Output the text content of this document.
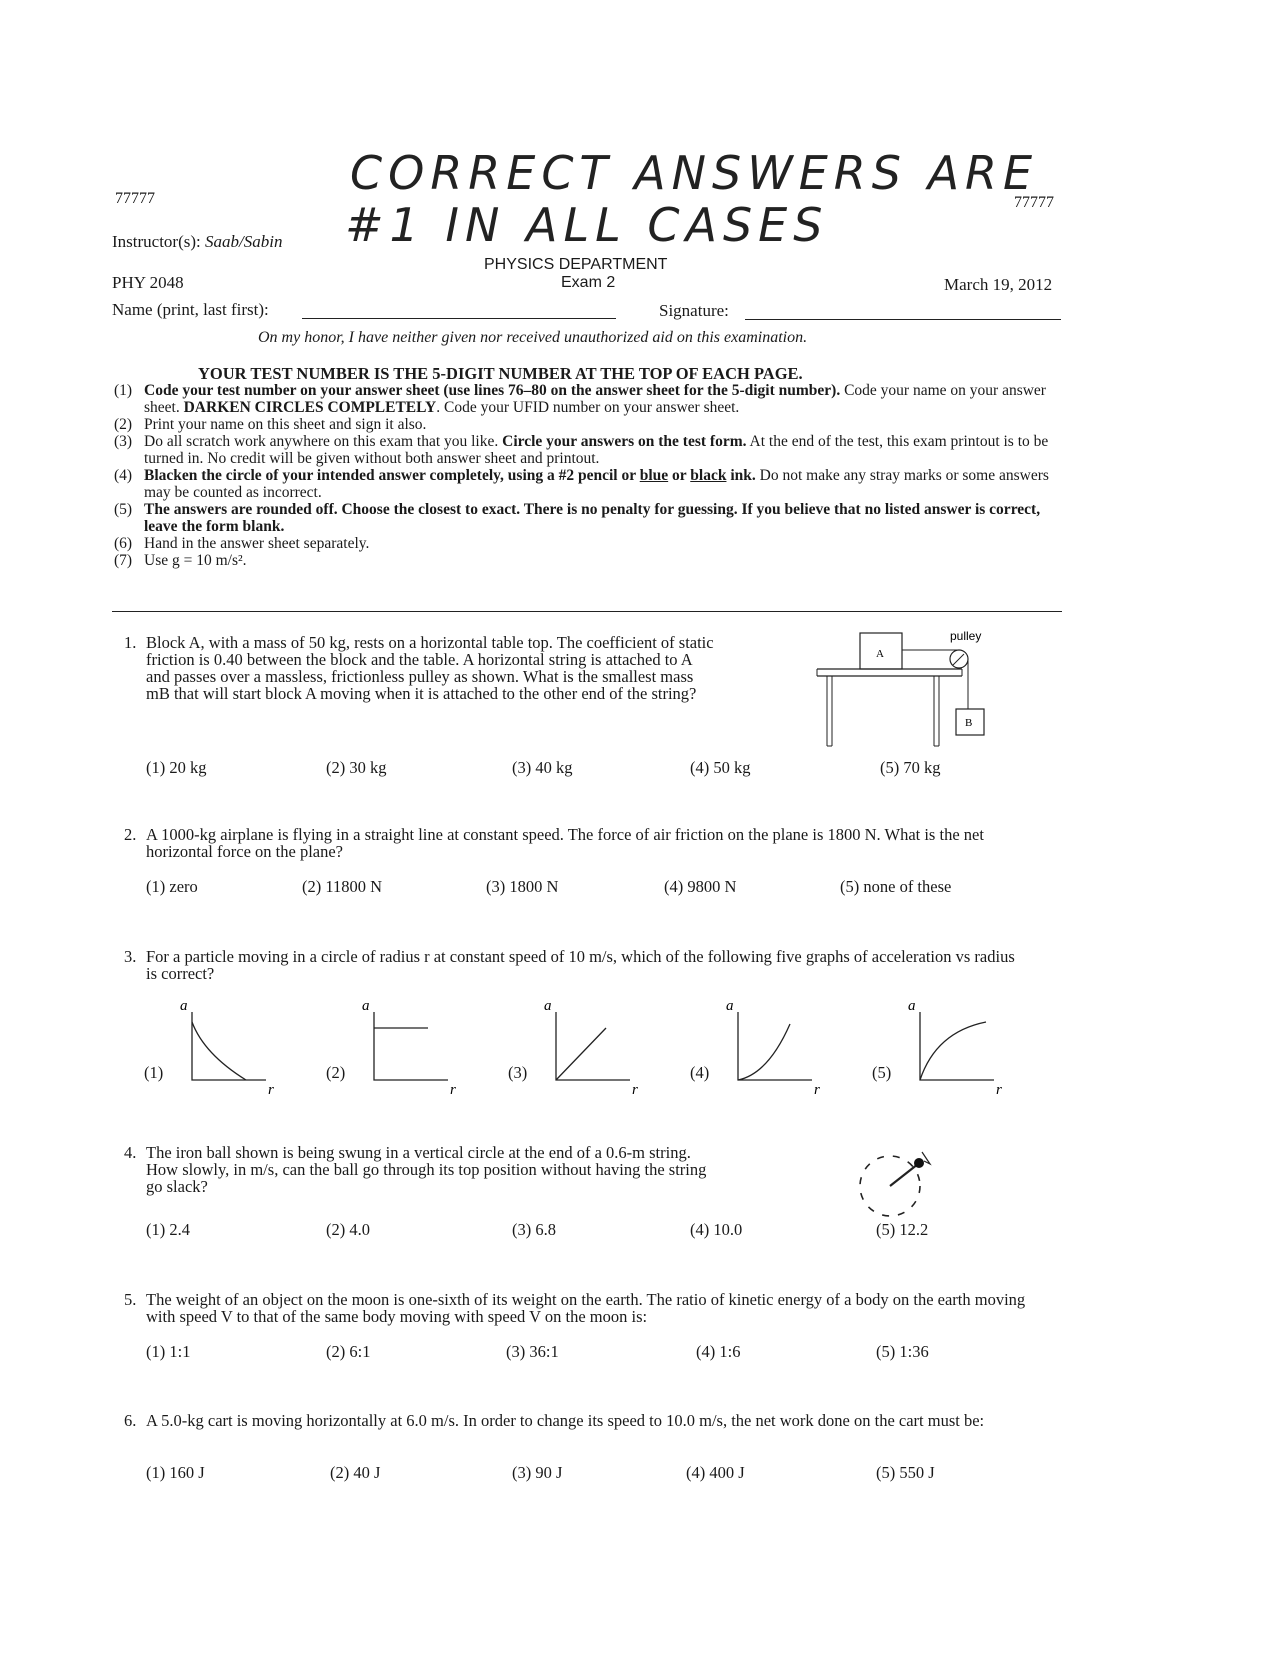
CORRECT ANSWERS ARE
#1 IN ALL CASES
77777	77777
Instructor(s): Saab/Sabin
PHYSICS DEPARTMENT
PHY 2048	Exam 2	March 19, 2012
Name (print, last first):	Signature:
On my honor, I have neither given nor received unauthorized aid on this examination.
YOUR TEST NUMBER IS THE 5-DIGIT NUMBER AT THE TOP OF EACH PAGE.
(1) Code your test number on your answer sheet (use lines 76–80 on the answer sheet for the 5-digit number). Code your name on your answer sheet. DARKEN CIRCLES COMPLETELY. Code your UFID number on your answer sheet.
(2) Print your name on this sheet and sign it also.
(3) Do all scratch work anywhere on this exam that you like. Circle your answers on the test form. At the end of the test, this exam printout is to be turned in. No credit will be given without both answer sheet and printout.
(4) Blacken the circle of your intended answer completely, using a #2 pencil or blue or black ink. Do not make any stray marks or some answers may be counted as incorrect.
(5) The answers are rounded off. Choose the closest to exact. There is no penalty for guessing. If you believe that no listed answer is correct, leave the form blank.
(6) Hand in the answer sheet separately.
(7) Use g = 10 m/s².
1. Block A, with a mass of 50 kg, rests on a horizontal table top. The coefficient of static friction is 0.40 between the block and the table. A horizontal string is attached to A and passes over a massless, frictionless pulley as shown. What is the smallest mass mB that will start block A moving when it is attached to the other end of the string?
(1) 20 kg	(2) 30 kg	(3) 40 kg	(4) 50 kg	(5) 70 kg
2. A 1000-kg airplane is flying in a straight line at constant speed. The force of air friction on the plane is 1800 N. What is the net horizontal force on the plane?
(1) zero	(2) 11800 N	(3) 1800 N	(4) 9800 N	(5) none of these
3. For a particle moving in a circle of radius r at constant speed of 10 m/s, which of the following five graphs of acceleration vs radius is correct?
4. The iron ball shown is being swung in a vertical circle at the end of a 0.6-m string. How slowly, in m/s, can the ball go through its top position without having the string go slack?
(1) 2.4	(2) 4.0	(3) 6.8	(4) 10.0	(5) 12.2
5. The weight of an object on the moon is one-sixth of its weight on the earth. The ratio of kinetic energy of a body on the earth moving with speed V to that of the same body moving with speed V on the moon is:
(1) 1:1	(2) 6:1	(3) 36:1	(4) 1:6	(5) 1:36
6. A 5.0-kg cart is moving horizontally at 6.0 m/s. In order to change its speed to 10.0 m/s, the net work done on the cart must be:
(1) 160 J	(2) 40 J	(3) 90 J	(4) 400 J	(5) 550 J
A
B
pulley
(1)
a
r
(2)
a
r
(3)
a
r
(4)
a
r
(5)
a
r
